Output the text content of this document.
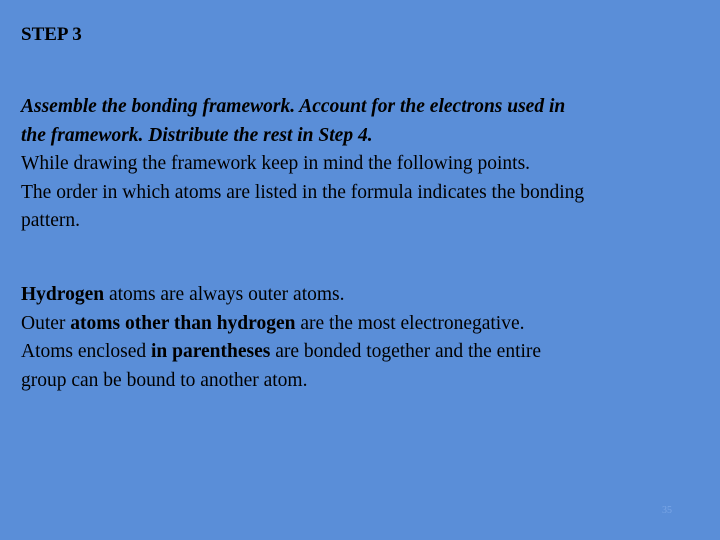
STEP 3

Assemble the bonding framework. Account for the electrons used in
the framework. Distribute the rest in Step 4.
While drawing the framework keep in mind the following points.
The order in which atoms are listed in the formula indicates the bonding
pattern.
Hydrogen atoms are always outer atoms.
Outer atoms other than hydrogen are the most electronegative.
Atoms enclosed in parentheses are bonded together and the entire
group can be bound to another atom.
35
